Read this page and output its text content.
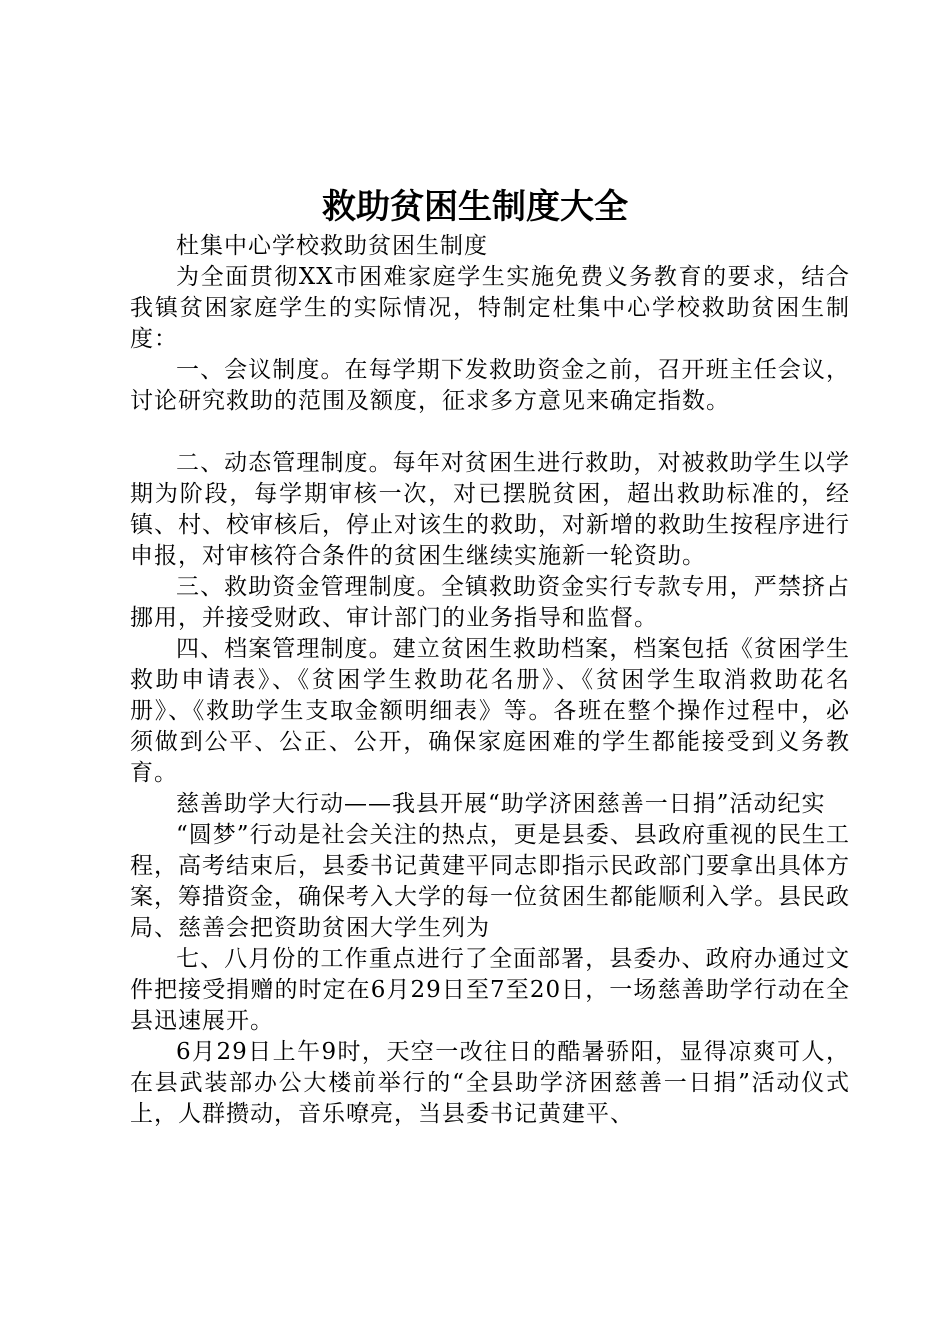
救助贫困生制度大全

杜集中心学校救助贫困生制度

为全面贯彻XX市困难家庭学生实施免费义务教育的要求，结合我镇贫困家庭学生的实际情况，特制定杜集中心学校救助贫困生制度：

一、会议制度。在每学期下发救助资金之前，召开班主任会议，讨论研究救助的范围及额度，征求多方意见来确定指数。

二、动态管理制度。每年对贫困生进行救助，对被救助学生以学期为阶段，每学期审核一次，对已摆脱贫困，超出救助标准的，经镇、村、校审核后，停止对该生的救助，对新增的救助生按程序进行申报，对审核符合条件的贫困生继续实施新一轮资助。

三、救助资金管理制度。全镇救助资金实行专款专用，严禁挤占挪用，并接受财政、审计部门的业务指导和监督。

四、档案管理制度。建立贫困生救助档案，档案包括《贫困学生救助申请表》、《贫困学生救助花名册》、《贫困学生取消救助花名册》、《救助学生支取金额明细表》等。各班在整个操作过程中，必须做到公平、公正、公开，确保家庭困难的学生都能接受到义务教育。

慈善助学大行动——我县开展“助学济困慈善一日捐”活动纪实

“圆梦”行动是社会关注的热点，更是县委、县政府重视的民生工程，高考结束后，县委书记黄建平同志即指示民政部门要拿出具体方案，筹措资金，确保考入大学的每一位贫困生都能顺利入学。县民政局、慈善会把资助贫困大学生列为

七、八月份的工作重点进行了全面部署，县委办、政府办通过文件把接受捐赠的时定在6月29日至7至20日，一场慈善助学行动在全县迅速展开。

6月29日上午9时，天空一改往日的酷暑骄阳，显得凉爽可人，在县武装部办公大楼前举行的“全县助学济困慈善一日捐”活动仪式上，人群攒动，音乐嘹亮，当县委书记黄建平、
